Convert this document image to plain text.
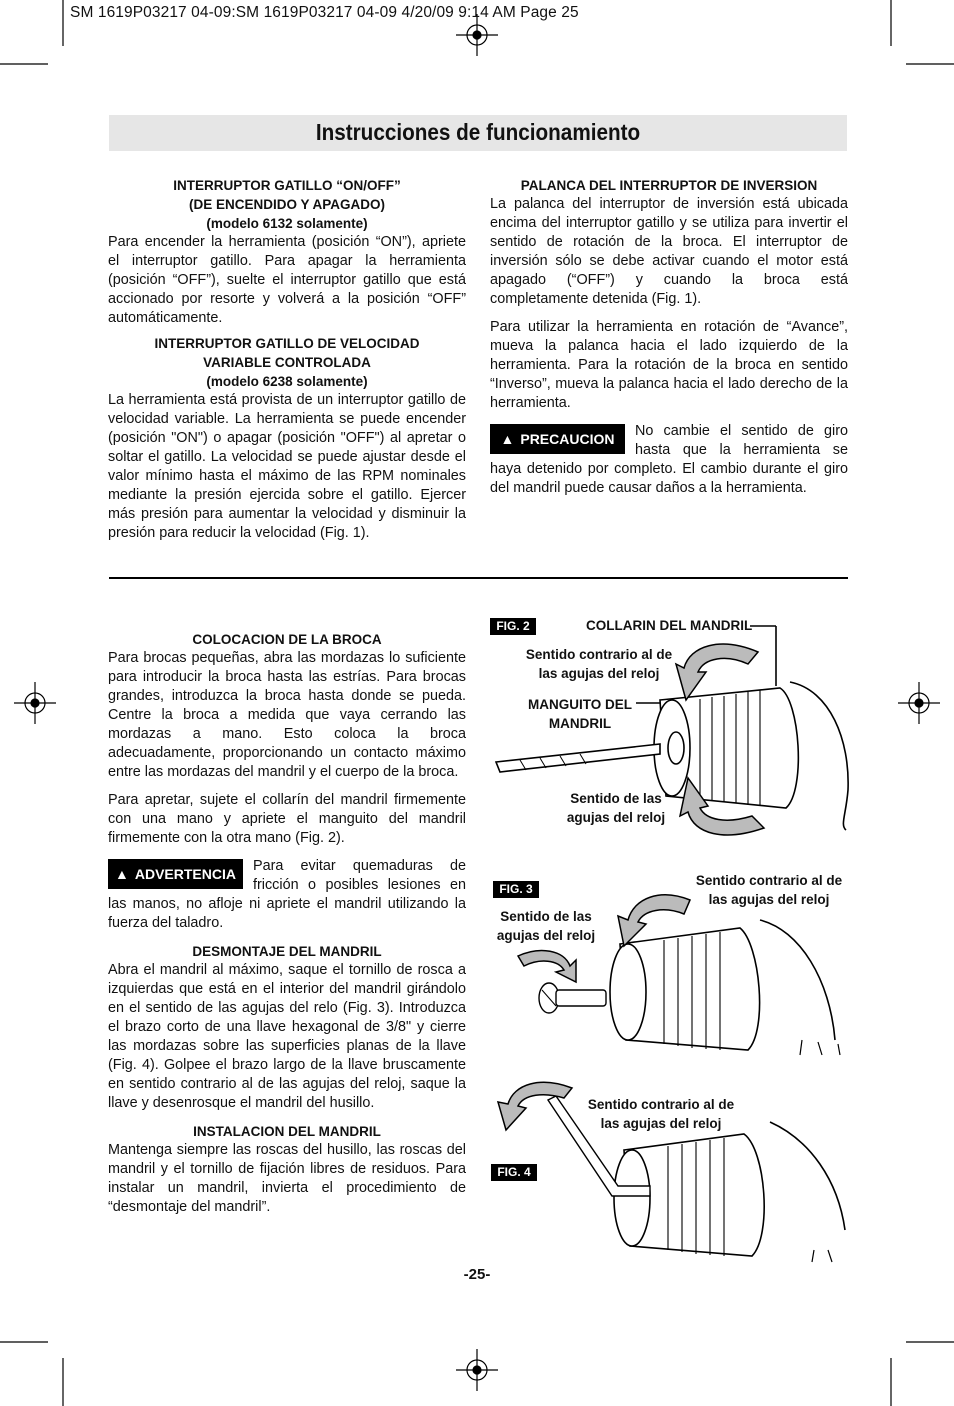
SM 1619P03217 04-09:SM 1619P03217 04-09 4/20/09 9:14 AM Page 25
Instrucciones de funcionamiento
INTERRUPTOR GATILLO “ON/OFF”
(DE ENCENDIDO Y APAGADO)
(modelo 6132 solamente)

Para encender la herramienta (posición “ON”), apriete el interruptor gatillo. Para apagar la herramienta (posición “OFF”), suelte el interruptor gatillo que está accionado por resorte y volverá a la posición “OFF” automáticamente.

INTERRUPTOR GATILLO DE VELOCIDAD
VARIABLE CONTROLADA
(modelo 6238 solamente)

La herramienta está provista de un interruptor gatillo de velocidad variable. La herramienta se puede encender (posición "ON") o apagar (posición "OFF") al apretar o soltar el gatillo. La velocidad se puede ajustar desde el valor mínimo hasta el máximo de las RPM nominales mediante la presión ejercida sobre el gatillo. Ejercer más presión para aumentar la velocidad y disminuir la presión para reducir la velocidad (Fig. 1).

PALANCA DEL INTERRUPTOR DE INVERSION

La palanca del interruptor de inversión está ubicada encima del interruptor gatillo y se utiliza para invertir el sentido de rotación de la broca. El interruptor de inversión sólo se debe activar cuando el motor está apagado (“OFF”) y cuando la broca está completamente detenida (Fig. 1).

Para utilizar la herramienta en rotación de “Avance”, mueva la palanca hacia el lado izquierdo de la herramienta. Para la rotación de la broca en sentido “Inverso”, mueva la palanca hacia el lado derecho de la herramienta.

▲ PRECAUCION	No cambie el sentido de giro hasta que la herramienta se haya detenido por completo. El cambio durante el giro del mandril puede causar daños a la herramienta.

COLOCACION DE LA BROCA

Para brocas pequeñas, abra las mordazas lo suficiente para introducir la broca hasta las estrías. Para brocas grandes, introduzca la broca hasta donde se pueda. Centre la broca a medida que vaya cerrando las mordazas a mano. Esto coloca la broca adecuadamente, proporcionando un contacto máximo entre las mordazas del mandril y el cuerpo de la broca.

Para apretar, sujete el collarín del mandril firmemente con una mano y apriete el manguito del mandril firmemente con la otra mano (Fig. 2).

▲ ADVERTENCIA	Para evitar quemaduras de fricción o posibles lesiones en las manos, no afloje ni apriete el mandril utilizando la fuerza del taladro.

DESMONTAJE DEL MANDRIL

Abra el mandril al máximo, saque el tornillo de rosca a izquierdas que está en el interior del mandril girándolo en el sentido de las agujas del relo (Fig. 3). Introduzca el brazo corto de una llave hexagonal de 3/8" y cierre las mordazas sobre las superficies planas de la llave (Fig. 4). Golpee el brazo largo de la llave bruscamente en sentido contrario al de las agujas del reloj, saque la llave y desenrosque el mandril del husillo.

INSTALACION DEL MANDRIL

Mantenga siempre las roscas del husillo, las roscas del mandril y el tornillo de fijación libres de residuos. Para instalar un mandril, invierta el procedimiento de “desmontaje del mandril”.

FIG. 2	COLLARIN DEL MANDRIL
Sentido contrario al de las agujas del reloj
MANGUITO DEL MANDRIL
Sentido de las agujas del reloj
FIG. 3
Sentido contrario al de las agujas del reloj
Sentido de las agujas del reloj
Sentido contrario al de las agujas del reloj
FIG. 4
-25-
